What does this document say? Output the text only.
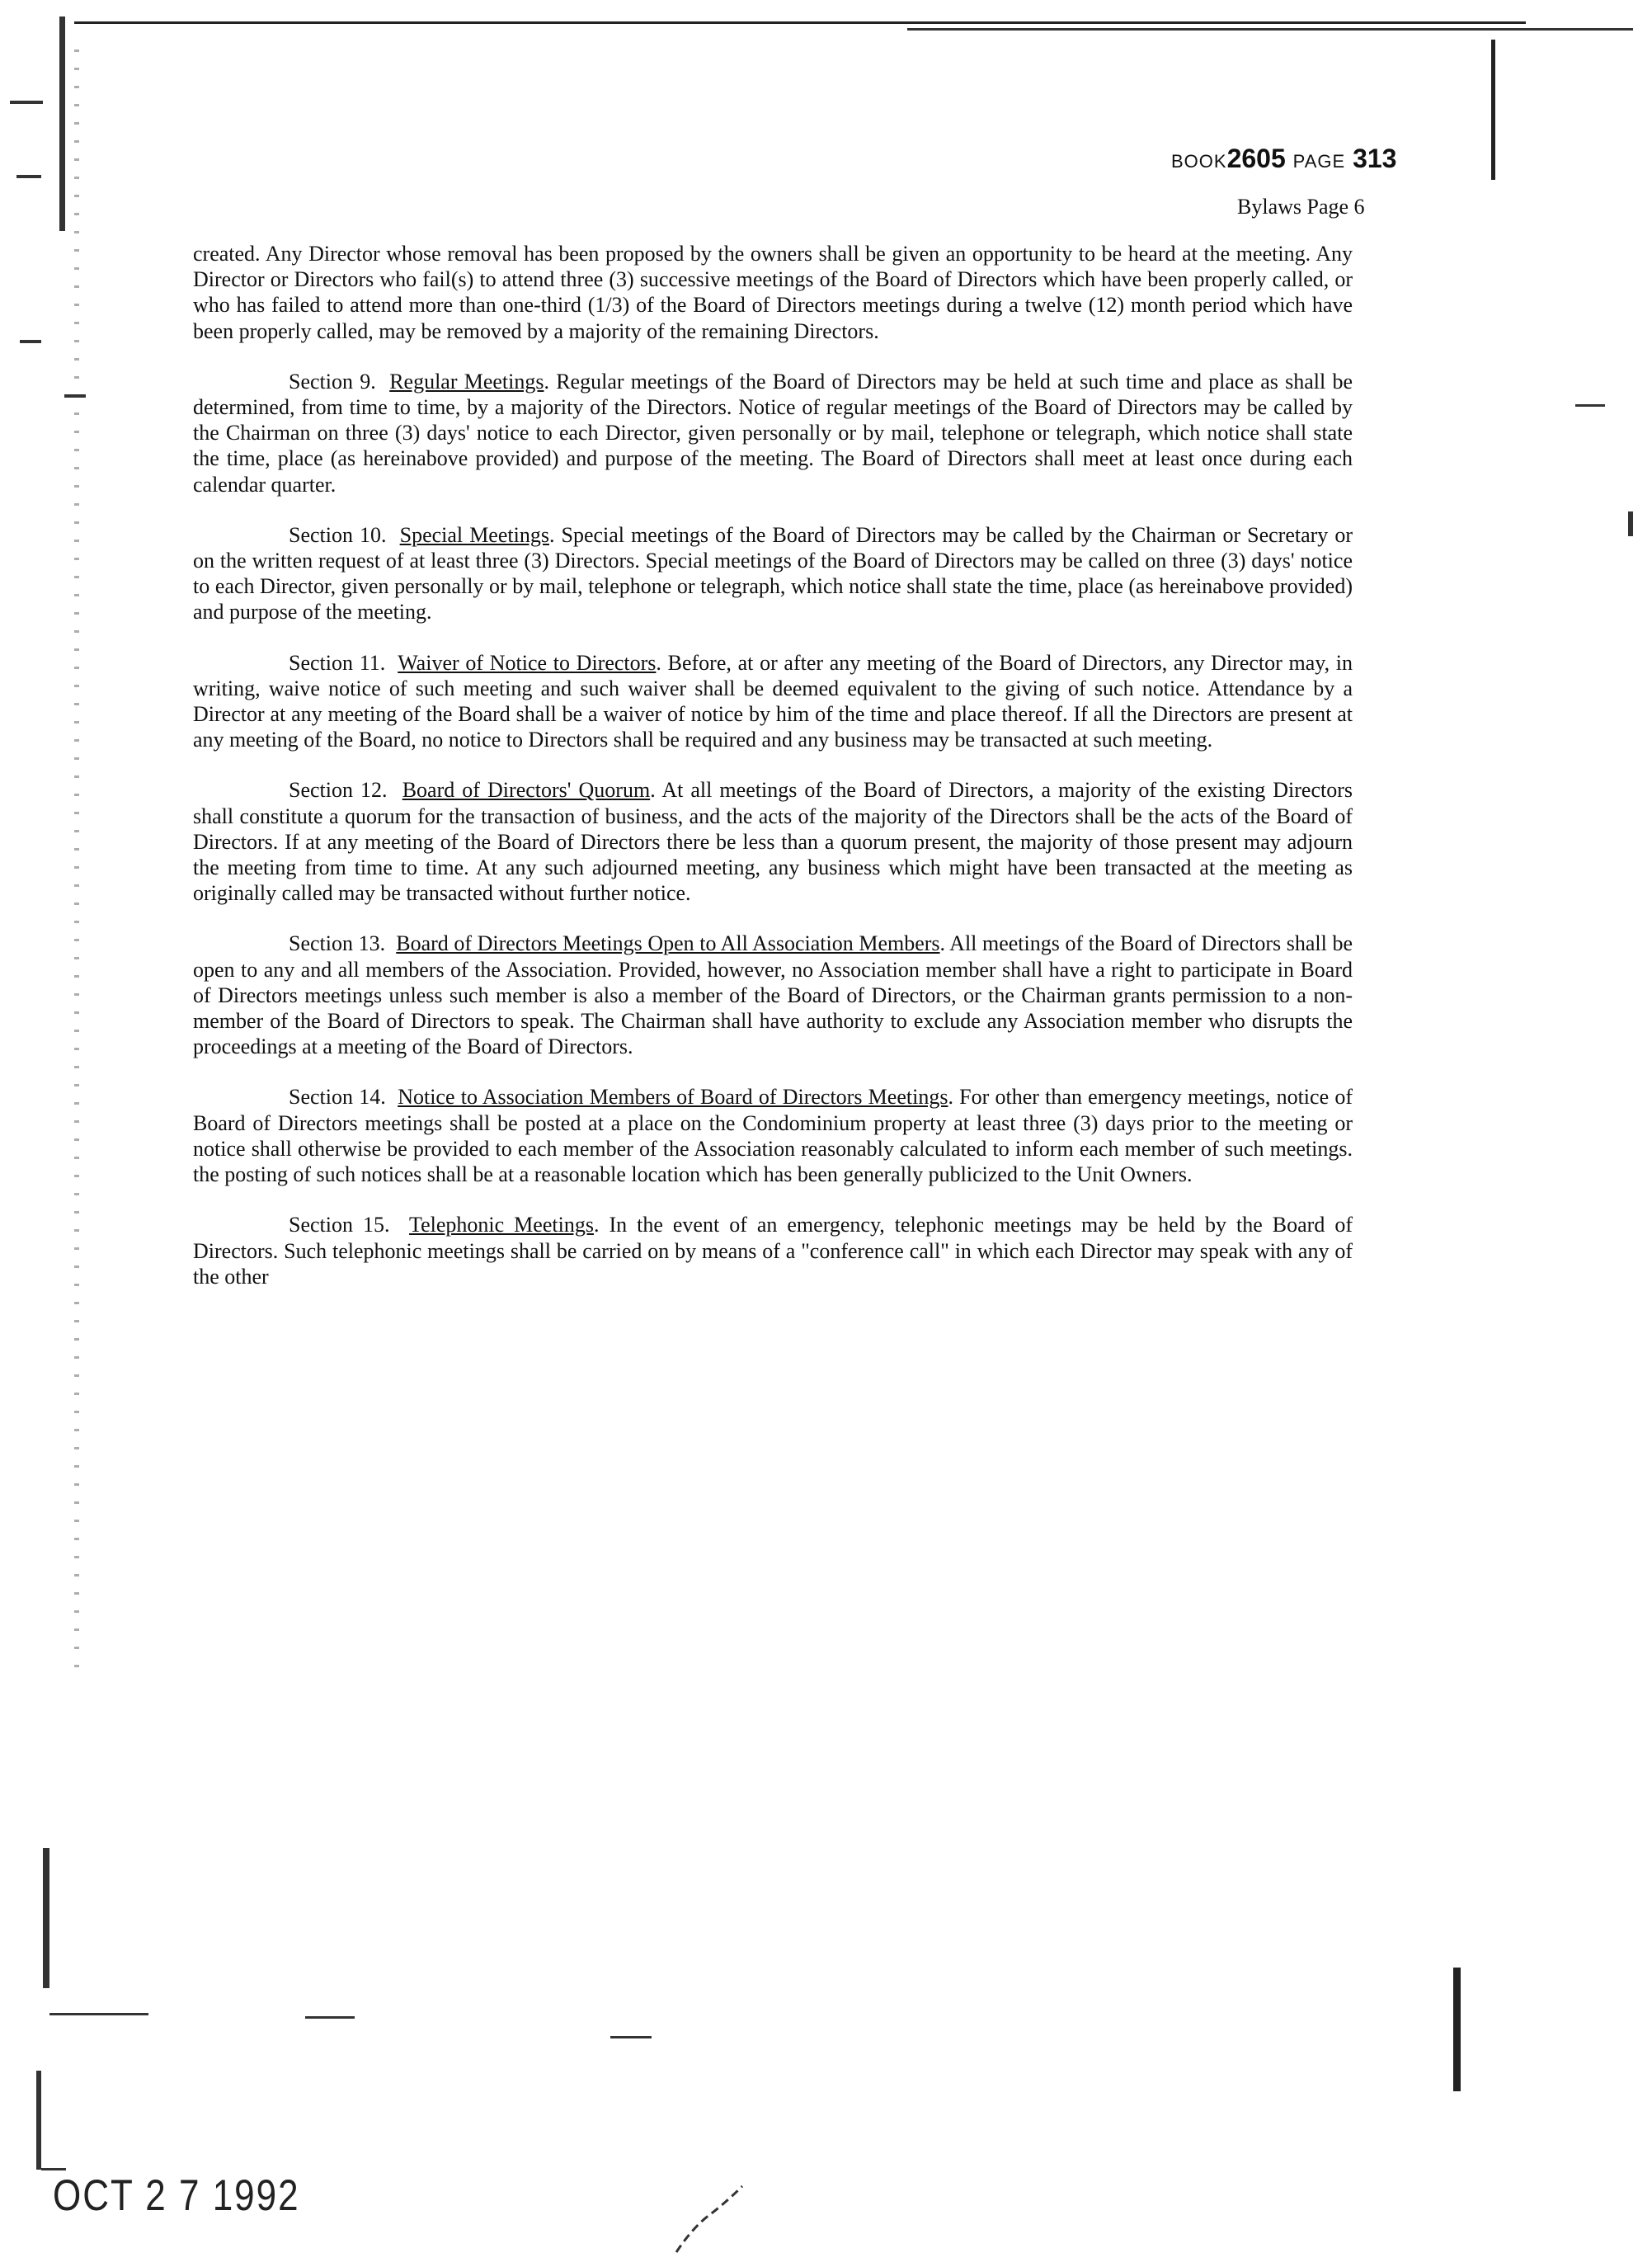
BOOK2605 PAGE 313
Bylaws Page 6

created. Any Director whose removal has been proposed by the owners shall be given an opportunity to be heard at the meeting. Any Director or Directors who fail(s) to attend three (3) successive meetings of the Board of Directors which have been properly called, or who has failed to attend more than one-third (1/3) of the Board of Directors meetings during a twelve (12) month period which have been properly called, may be removed by a majority of the remaining Directors.

Section 9. Regular Meetings. Regular meetings of the Board of Directors may be held at such time and place as shall be determined, from time to time, by a majority of the Directors. Notice of regular meetings of the Board of Directors may be called by the Chairman on three (3) days' notice to each Director, given personally or by mail, telephone or telegraph, which notice shall state the time, place (as hereinabove provided) and purpose of the meeting. The Board of Directors shall meet at least once during each calendar quarter.

Section 10. Special Meetings. Special meetings of the Board of Directors may be called by the Chairman or Secretary or on the written request of at least three (3) Directors. Special meetings of the Board of Directors may be called on three (3) days' notice to each Director, given personally or by mail, telephone or telegraph, which notice shall state the time, place (as hereinabove provided) and purpose of the meeting.

Section 11. Waiver of Notice to Directors. Before, at or after any meeting of the Board of Directors, any Director may, in writing, waive notice of such meeting and such waiver shall be deemed equivalent to the giving of such notice. Attendance by a Director at any meeting of the Board shall be a waiver of notice by him of the time and place thereof. If all the Directors are present at any meeting of the Board, no notice to Directors shall be required and any business may be transacted at such meeting.

Section 12. Board of Directors' Quorum. At all meetings of the Board of Directors, a majority of the existing Directors shall constitute a quorum for the transaction of business, and the acts of the majority of the Directors shall be the acts of the Board of Directors. If at any meeting of the Board of Directors there be less than a quorum present, the majority of those present may adjourn the meeting from time to time. At any such adjourned meeting, any business which might have been transacted at the meeting as originally called may be transacted without further notice.

Section 13. Board of Directors Meetings Open to All Association Members. All meetings of the Board of Directors shall be open to any and all members of the Association. Provided, however, no Association member shall have a right to participate in Board of Directors meetings unless such member is also a member of the Board of Directors, or the Chairman grants permission to a non-member of the Board of Directors to speak. The Chairman shall have authority to exclude any Association member who disrupts the proceedings at a meeting of the Board of Directors.

Section 14. Notice to Association Members of Board of Directors Meetings. For other than emergency meetings, notice of Board of Directors meetings shall be posted at a place on the Condominium property at least three (3) days prior to the meeting or notice shall otherwise be provided to each member of the Association reasonably calculated to inform each member of such meetings. the posting of such notices shall be at a reasonable location which has been generally publicized to the Unit Owners.

Section 15. Telephonic Meetings. In the event of an emergency, telephonic meetings may be held by the Board of Directors. Such telephonic meetings shall be carried on by means of a "conference call" in which each Director may speak with any of the other

OCT 2 7 1992
